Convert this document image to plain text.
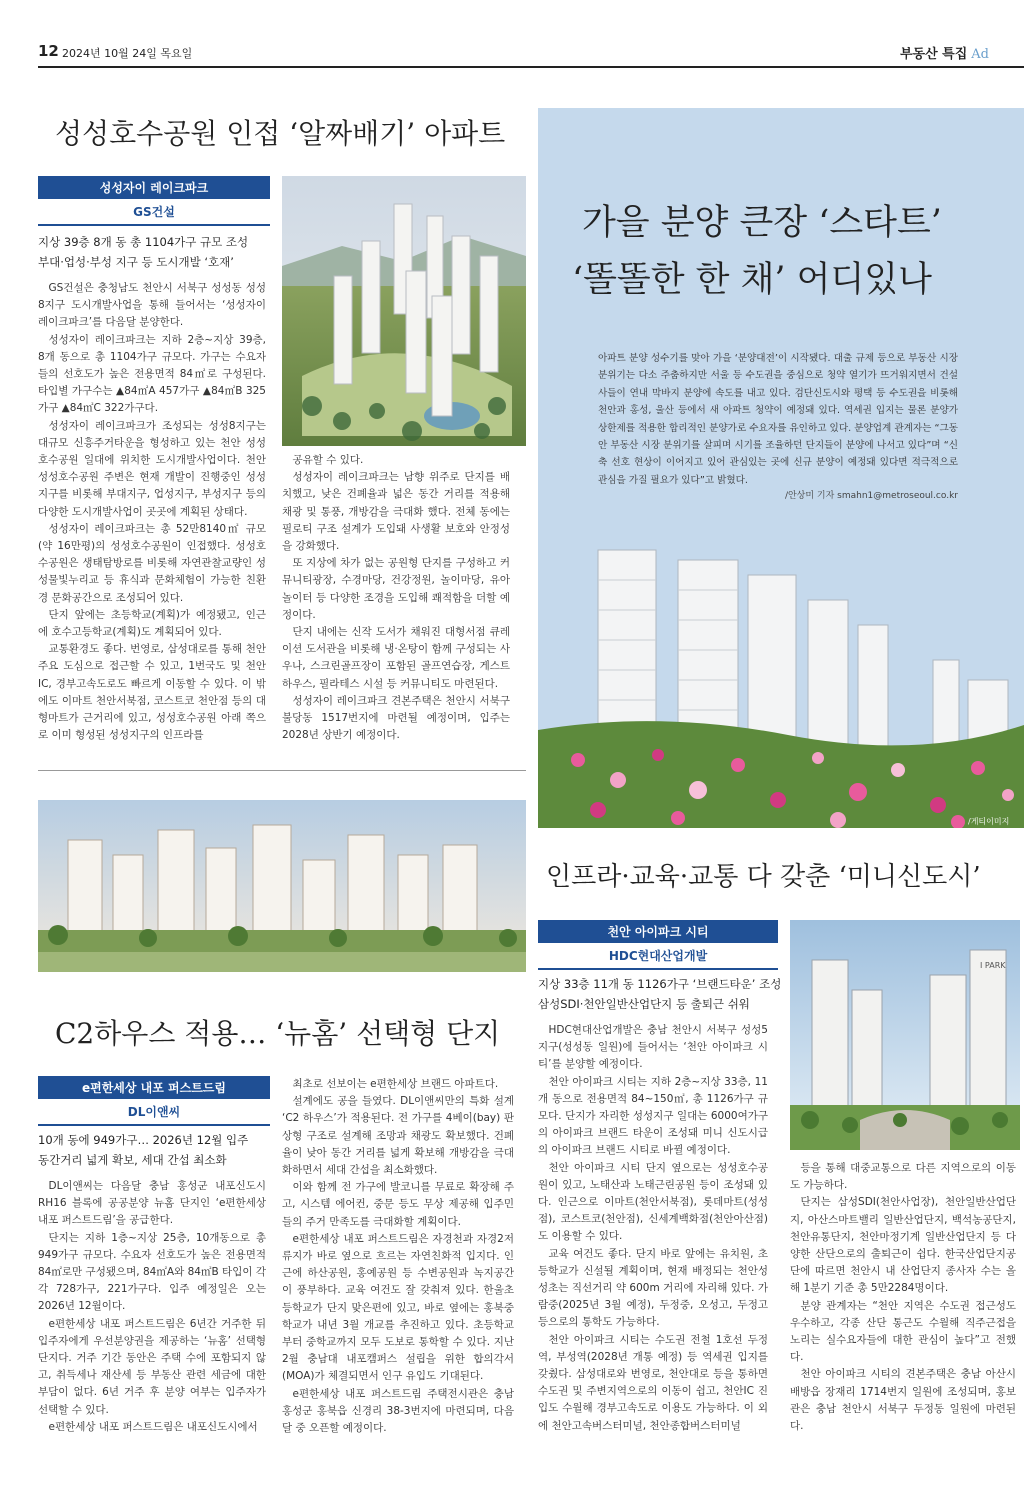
12 2024년 10월 24일 목요일	부동산 특집 Ad
성성호수공원 인접 ‘알짜배기’ 아파트
성성자이 레이크파크
GS건설
지상 39층 8개 동 총 1104가구 규모 조성
부대·업성·부성 지구 등 도시개발 ‘호재’

GS건설은 충청남도 천안시 서북구 성성동 성성8지구 도시개발사업을 통해 들어서는 ‘성성자이 레이크파크’를 다음달 분양한다.

성성자이 레이크파크는 지하 2층~지상 39층, 8개 동으로 총 1104가구 규모다. 가구는 수요자들의 선호도가 높은 전용면적 84㎡로 구성된다. 타입별 가구수는 ▲84㎡A 457가구 ▲84㎡B 325가구 ▲84㎡C 322가구다.

성성자이 레이크파크가 조성되는 성성8지구는 대규모 신흥주거타운을 형성하고 있는 천안 성성호수공원 일대에 위치한 도시개발사업이다. 천안 성성호수공원 주변은 현재 개발이 진행중인 성성지구를 비롯해 부대지구, 업성지구, 부성지구 등의 다양한 도시개발사업이 곳곳에 계획된 상태다.

성성자이 레이크파크는 총 52만8140㎡ 규모(약 16만평)의 성성호수공원이 인접했다. 성성호수공원은 생태탐방로를 비롯해 자연관찰교량인 성성물빛누리교 등 휴식과 문화체험이 가능한 친환경 문화공간으로 조성되어 있다.

단지 앞에는 초등학교(계획)가 예정됐고, 인근에 호수고등학교(계획)도 계획되어 있다.

교통환경도 좋다. 번영로, 삼성대로를 통해 천안 주요 도심으로 접근할 수 있고, 1번국도 및 천안IC, 경부고속도로도 빠르게 이동할 수 있다. 이 밖에도 이마트 천안서북점, 코스트코 천안점 등의 대형마트가 근거리에 있고, 성성호수공원 아래 쪽으로 이미 형성된 성성지구의 인프라를

공유할 수 있다.

성성자이 레이크파크는 남향 위주로 단지를 배치했고, 낮은 건폐율과 넓은 동간 거리를 적용해 채광 및 통풍, 개방감을 극대화 했다. 전체 동에는 필로티 구조 설계가 도입돼 사생활 보호와 안정성을 강화했다.

또 지상에 차가 없는 공원형 단지를 구성하고 커뮤니티광장, 수경마당, 건강정원, 놀이마당, 유아놀이터 등 다양한 조경을 도입해 쾌적함을 더할 예정이다.

단지 내에는 신작 도서가 채워진 대형서점 큐레이션 도서관을 비롯해 냉·온탕이 함께 구성되는 사우나, 스크린골프장이 포함된 골프연습장, 게스트하우스, 필라테스 시설 등 커뮤니티도 마련된다.

성성자이 레이크파크 견본주택은 천안시 서북구 불당동 1517번지에 마련될 예정이며, 입주는 2028년 상반기 예정이다.

가을 분양 큰장 ‘스타트’
‘똘똘한 한 채’ 어디있나
아파트 분양 성수기를 맞아 가을 ‘분양대전’이 시작됐다. 대출 규제 등으로 부동산 시장 분위기는 다소 주춤하지만 서울 등 수도권을 중심으로 청약 열기가 뜨거워지면서 건설사들이 연내 막바지 분양에 속도를 내고 있다. 검단신도시와 평택 등 수도권을 비롯해 천안과 홍성, 울산 등에서 새 아파트 청약이 예정돼 있다. 역세권 입지는 물론 분양가 상한제를 적용한 합리적인 분양가로 수요자를 유인하고 있다. 분양업계 관계자는 “그동안 부동산 시장 분위기를 살피며 시기를 조율하던 단지들이 분양에 나서고 있다”며 “신축 선호 현상이 이어지고 있어 관심있는 곳에 신규 분양이 예정돼 있다면 적극적으로 관심을 가질 필요가 있다”고 밝혔다.
/안상미 기자 smahn1@metroseoul.co.kr
/게티이미지
C2하우스 적용… ‘뉴홈’ 선택형 단지
e편한세상 내포 퍼스트드림
DL이앤씨
10개 동에 949가구… 2026년 12월 입주
동간거리 넓게 확보, 세대 간섭 최소화

DL이앤씨는 다음달 충남 홍성군 내포신도시 RH16 블록에 공공분양 뉴홈 단지인 ‘e편한세상 내포 퍼스트드림’을 공급한다.

단지는 지하 1층~지상 25층, 10개동으로 총 949가구 규모다. 수요자 선호도가 높은 전용면적 84㎡로만 구성됐으며, 84㎡A와 84㎡B 타입이 각각 728가구, 221가구다. 입주 예정일은 오는 2026년 12월이다.

e편한세상 내포 퍼스트드림은 6년간 거주한 뒤 입주자에게 우선분양권을 제공하는 ‘뉴홈’ 선택형 단지다. 거주 기간 동안은 주택 수에 포함되지 않고, 취득세나 재산세 등 부동산 관련 세금에 대한 부담이 없다. 6년 거주 후 분양 여부는 입주자가 선택할 수 있다.

e편한세상 내포 퍼스트드림은 내포신도시에서

최초로 선보이는 e편한세상 브랜드 아파트다.

설계에도 공을 들였다. DL이앤씨만의 특화 설계 ‘C2 하우스’가 적용된다. 전 가구를 4베이(bay) 판상형 구조로 설계해 조망과 채광도 확보했다. 건폐율이 낮아 동간 거리를 넓게 확보해 개방감을 극대화하면서 세대 간섭을 최소화했다.

이와 함께 전 가구에 발코니를 무료로 확장해 주고, 시스템 에어컨, 중문 등도 무상 제공해 입주민들의 주거 만족도를 극대화할 계획이다.

e편한세상 내포 퍼스트드림은 자경천과 자경2저류지가 바로 옆으로 흐르는 자연친화적 입지다. 인근에 하산공원, 홍예공원 등 수변공원과 녹지공간이 풍부하다. 교육 여건도 잘 갖춰져 있다. 한울초등학교가 단지 맞은편에 있고, 바로 옆에는 홍북중학교가 내년 3월 개교를 추진하고 있다. 초등학교부터 중학교까지 모두 도보로 통학할 수 있다. 지난 2월 충남대 내포캠퍼스 설립을 위한 합의각서(MOA)가 체결되면서 인구 유입도 기대된다.

e편한세상 내포 퍼스트드림 주택전시관은 충남 홍성군 홍북읍 신경리 38-3번지에 마련되며, 다음달 중 오픈할 예정이다.

인프라·교육·교통 다 갖춘 ‘미니신도시’
천안 아이파크 시티
HDC현대산업개발
지상 33층 11개 동 1126가구 ‘브랜드타운’ 조성
삼성SDI·천안일반산업단지 등 출퇴근 쉬워

HDC현대산업개발은 충남 천안시 서북구 성성5지구(성성동 일원)에 들어서는 ‘천안 아이파크 시티’를 분양할 예정이다.

천안 아이파크 시티는 지하 2층~지상 33층, 11개 동으로 전용면적 84~150㎡, 총 1126가구 규모다. 단지가 자리한 성성지구 일대는 6000여가구의 아이파크 브랜드 타운이 조성돼 미니 신도시급의 아이파크 브랜드 시티로 바뀔 예정이다.

천안 아이파크 시티 단지 옆으로는 성성호수공원이 있고, 노태산과 노태근린공원 등이 조성돼 있다. 인근으로 이마트(천안서북점), 롯데마트(성성점), 코스트코(천안점), 신세계백화점(천안아산점) 도 이용할 수 있다.

교육 여건도 좋다. 단지 바로 앞에는 유치원, 초등학교가 신설될 계획이며, 현재 배정되는 천안성성초는 직선거리 약 600m 거리에 자리해 있다. 가람중(2025년 3월 예정), 두정중, 오성고, 두정고 등으로의 통학도 가능하다.

천안 아이파크 시티는 수도권 전철 1호선 두정역, 부성역(2028년 개통 예정) 등 역세권 입지를 갖췄다. 삼성대로와 번영로, 천안대로 등을 통하면 수도권 및 주변지역으로의 이동이 쉽고, 천안IC 진입도 수월해 경부고속도로 이용도 가능하다. 이 외에 천안고속버스터미널, 천안종합버스터미널

I PARK

등을 통해 대중교통으로 다른 지역으로의 이동도 가능하다.

단지는 삼성SDI(천안사업장), 천안일반산업단지, 아산스마트밸리 일반산업단지, 백석농공단지, 천안유통단지, 천안마정기계 일반산업단지 등 다양한 산단으로의 출퇴근이 쉽다. 한국산업단지공단에 따르면 천안시 내 산업단지 종사자 수는 올해 1분기 기준 총 5만2284명이다.

분양 관계자는 “천안 지역은 수도권 접근성도 우수하고, 각종 산단 통근도 수월해 직주근접을 노리는 실수요자들에 대한 관심이 높다”고 전했다.

천안 아이파크 시티의 견본주택은 충남 아산시 배방읍 장재리 1714번지 일원에 조성되며, 홍보관은 충남 천안시 서북구 두정동 일원에 마련된다.
